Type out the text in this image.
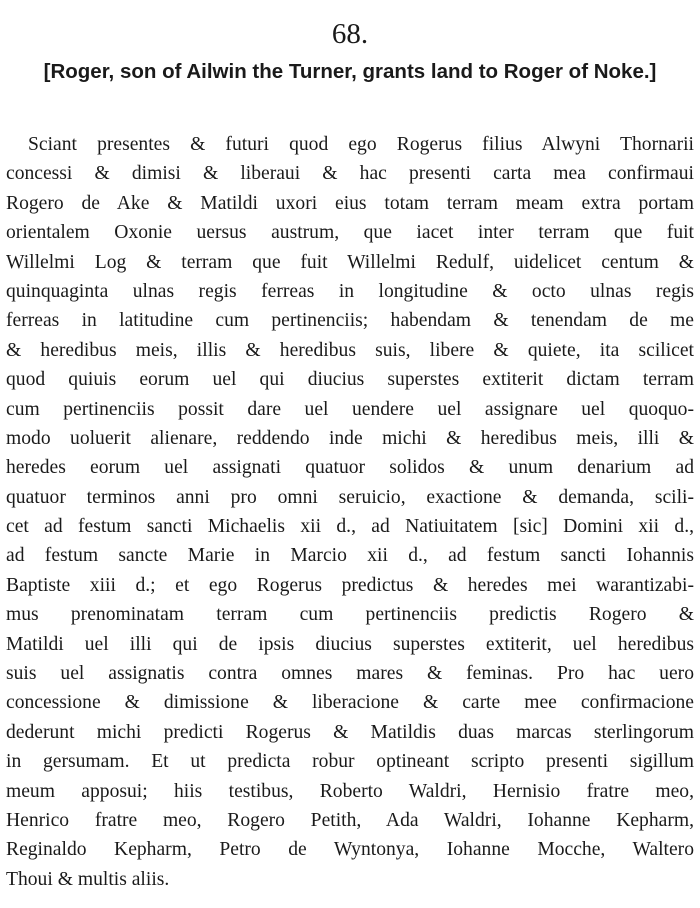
68.
[Roger, son of Ailwin the Turner, grants land to Roger of Noke.]
Sciant presentes & futuri quod ego Rogerus filius Alwyni Thornarii
concessi & dimisi & liberaui & hac presenti carta mea confirmaui
Rogero de Ake & Matildi uxori eius totam terram meam extra portam
orientalem Oxonie uersus austrum, que iacet inter terram que fuit
Willelmi Log & terram que fuit Willelmi Redulf, uidelicet centum &
quinquaginta ulnas regis ferreas in longitudine & octo ulnas regis
ferreas in latitudine cum pertinenciis; habendam & tenendam de me
& heredibus meis, illis & heredibus suis, libere & quiete, ita scilicet
quod quiuis eorum uel qui diucius superstes extiterit dictam terram
cum pertinenciis possit dare uel uendere uel assignare uel quoquo-
modo uoluerit alienare, reddendo inde michi & heredibus meis, illi &
heredes eorum uel assignati quatuor solidos & unum denarium ad
quatuor terminos anni pro omni seruicio, exactione & demanda, scili-
cet ad festum sancti Michaelis xii d., ad Natiuitatem [sic] Domini xii d.,
ad festum sancte Marie in Marcio xii d., ad festum sancti Iohannis
Baptiste xiii d.; et ego Rogerus predictus & heredes mei warantizabi-
mus prenominatam terram cum pertinenciis predictis Rogero &
Matildi uel illi qui de ipsis diucius superstes extiterit, uel heredibus
suis uel assignatis contra omnes mares & feminas. Pro hac uero
concessione & dimissione & liberacione & carte mee confirmacione
dederunt michi predicti Rogerus & Matildis duas marcas sterlingorum
in gersumam. Et ut predicta robur optineant scripto presenti sigillum
meum apposui; hiis testibus, Roberto Waldri, Hernisio fratre meo,
Henrico fratre meo, Rogero Petith, Ada Waldri, Iohanne Kepharm,
Reginaldo Kepharm, Petro de Wyntonya, Iohanne Mocche, Waltero
Thoui & multis aliis.
